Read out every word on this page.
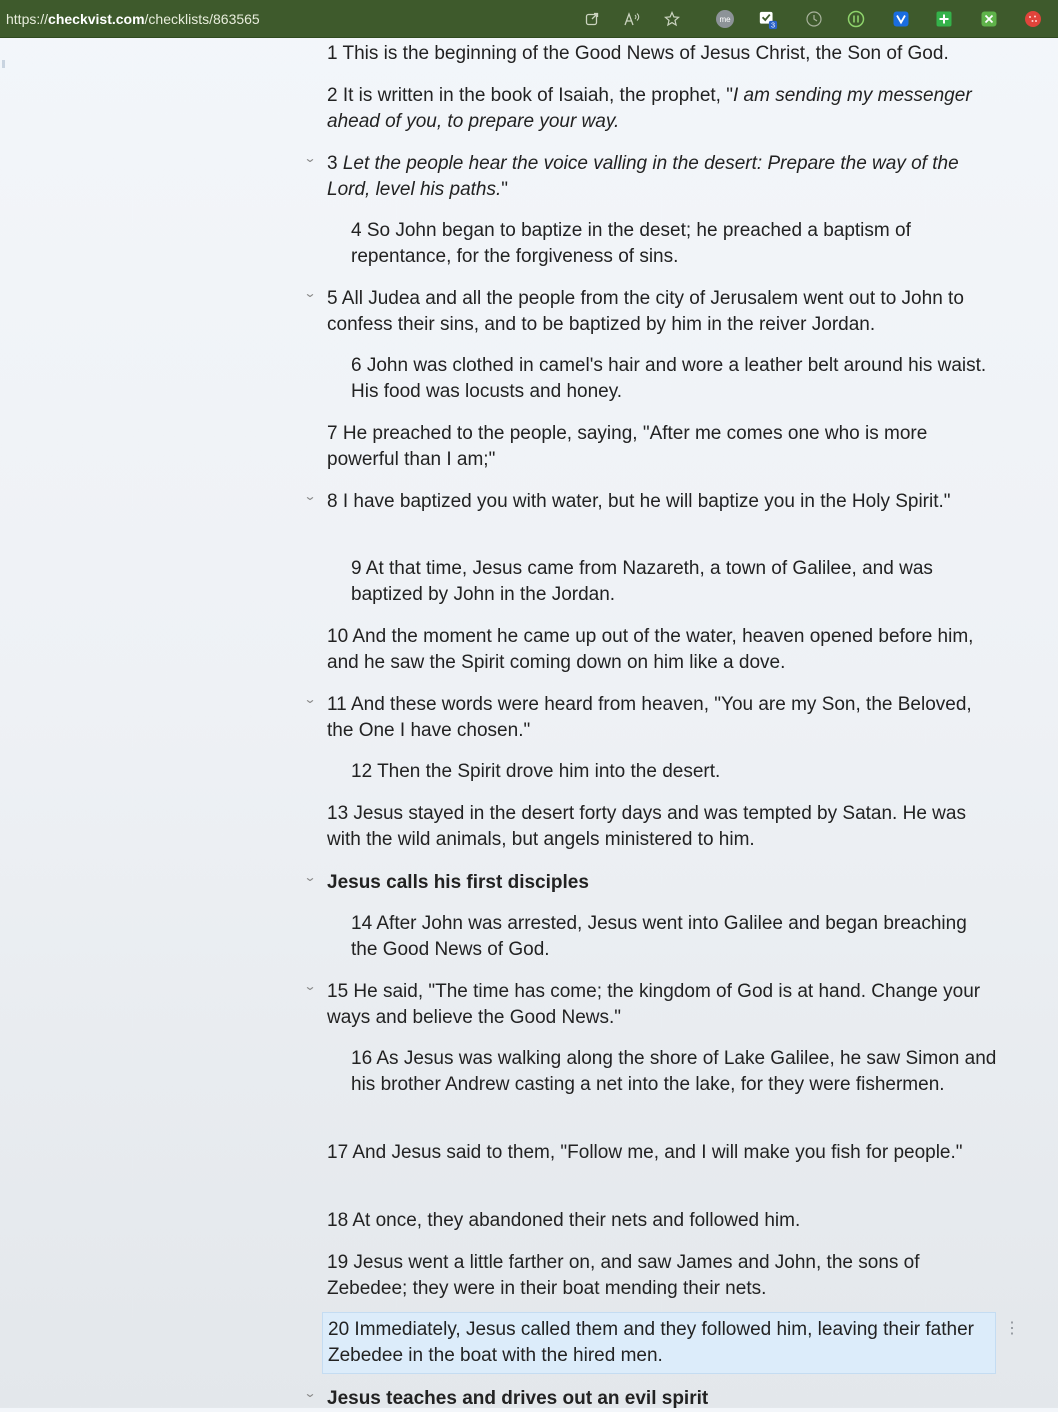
https://checkvist.com/checklists/863565	me
3
1 This is the beginning of the Good News of Jesus Christ, the Son of God.
2 It is written in the book of Isaiah, the prophet, "I am sending my messenger ahead of you, to prepare your way.
⌄ 3 Let the people hear the voice valling in the desert: Prepare the way of the Lord, level his paths."
4 So John began to baptize in the deset; he preached a baptism of repentance, for the forgiveness of sins.
⌄ 5 All Judea and all the people from the city of Jerusalem went out to John to confess their sins, and to be baptized by him in the reiver Jordan.
6 John was clothed in camel's hair and wore a leather belt around his waist. His food was locusts and honey.
7 He preached to the people, saying, "After me comes one who is more powerful than I am;"
⌄ 8 I have baptized you with water, but he will baptize you in the Holy Spirit."
9 At that time, Jesus came from Nazareth, a town of Galilee, and was baptized by John in the Jordan.
10 And the moment he came up out of the water, heaven opened before him, and he saw the Spirit coming down on him like a dove.
⌄ 11 And these words were heard from heaven, "You are my Son, the Beloved, the One I have chosen."
12 Then the Spirit drove him into the desert.
13 Jesus stayed in the desert forty days and was tempted by Satan. He was with the wild animals, but angels ministered to him.
⌄ Jesus calls his first disciples
14 After John was arrested, Jesus went into Galilee and began breaching the Good News of God.
⌄ 15 He said, "The time has come; the kingdom of God is at hand. Change your ways and believe the Good News."
16 As Jesus was walking along the shore of Lake Galilee, he saw Simon and his brother Andrew casting a net into the lake, for they were fishermen.
17 And Jesus said to them, "Follow me, and I will make you fish for people."
18 At once, they abandoned their nets and followed him.
19 Jesus went a little farther on, and saw James and John, the sons of Zebedee; they were in their boat mending their nets.
20 Immediately, Jesus called them and they followed him, leaving their father Zebedee in the boat with the hired men.
⋮
⌄ Jesus teaches and drives out an evil spirit
